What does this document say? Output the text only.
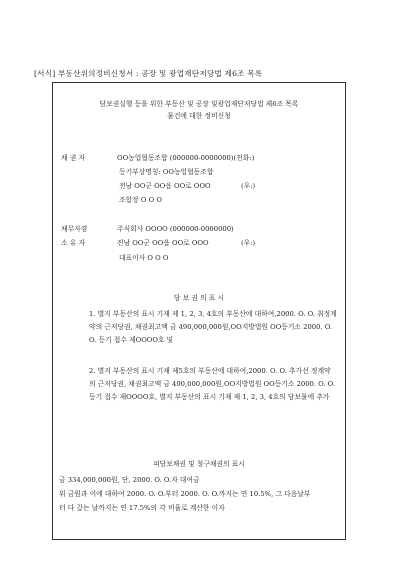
[서식] 부동산위의정비신청서 : 공장 및 광업재단저당법 제6조 목록
담보권실행 등을 위한 부동산 및 공장 및광업재단저당법 제6조 목록
물건에 대한 정비신청
채 권 자	OO농업협동조합 (000000-0000000)(전화:)
등기부상명칭: OO농업협동조합
전남 OO군 OO읍 OO로 OOO	(우:)
조합장 O O O
채무자겸	주식회사 OOOO (000000-0000000)
소 유 자	전남 OO군 OO읍 OO로 OOO	(우:)
대표이사 O O O
담 보 권 의 표 시
1. 별지 부동산의 표시 기재 제 1, 2, 3, 4호의 부동산에 대하여,2000. O. O. 취정계약의 근저당권, 채권최고액 금 490,000,000원,OO지방법원 OO등기소 2000. O. O. 등기 접수 제OOOO호 및
2. 별지 부동산의 표시 기재 제5호의 부동산에 대하여,2000. O. O. 추가선 정계약의 근저당권, 채권최고액 금 490,000,000원,OO지방법원 OO등기소 2000. O. O. 등기 접수 제OOOO호, 별지 부동산의 표시 기재 제 1, 2, 3, 4호의 담보물에 추가
피담보채권 및 청구채권의 표시
금 334,000,000원, 단, 2000. O. O.자 대여금
위 금원과 이에 대하여 2000. O. O.부터 2000. O. O.까지는 연 10.5%, 그 다음날부
터 다 갚는 날까지는 연 17.5%의 각 비율로 계산한 이자
